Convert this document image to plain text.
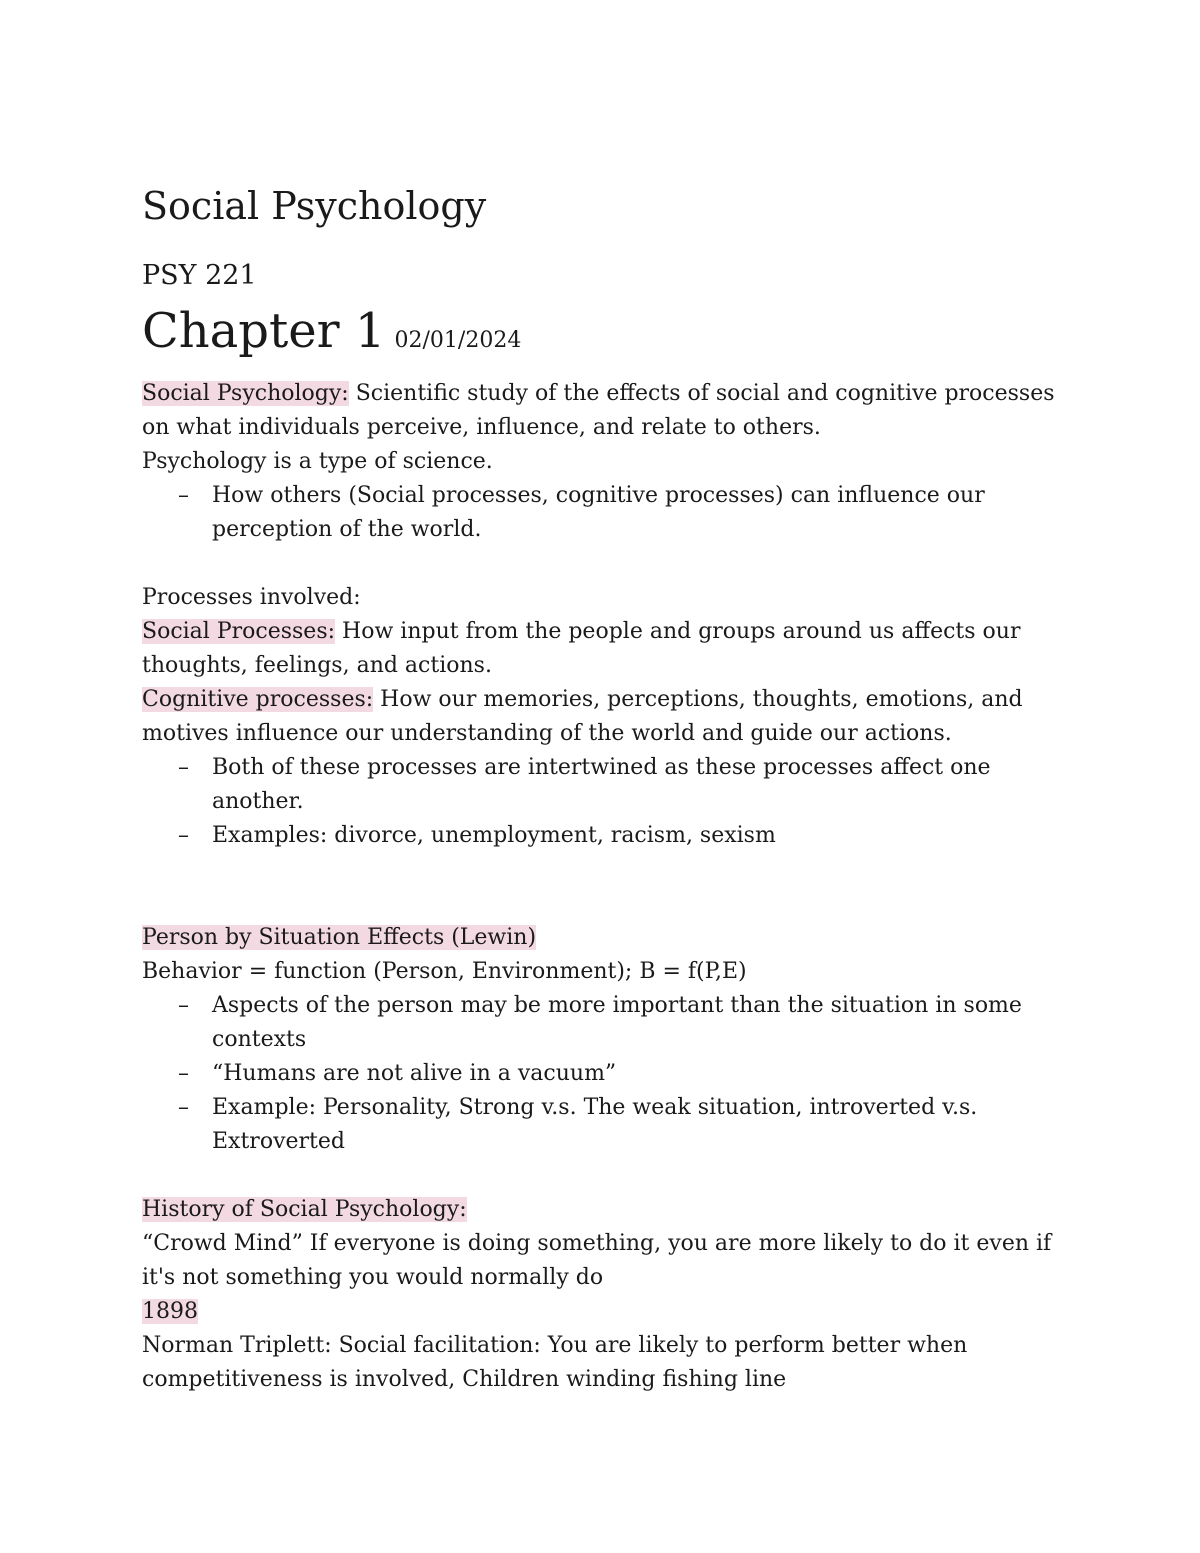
Social Psychology

PSY 221

Chapter 1 02/01/2024

Social Psychology: Scientific study of the effects of social and cognitive processes on what individuals perceive, influence, and relate to others.

Psychology is a type of science.

– How others (Social processes, cognitive processes) can influence our perception of the world.

Processes involved:

Social Processes: How input from the people and groups around us affects our thoughts, feelings, and actions.

Cognitive processes: How our memories, perceptions, thoughts, emotions, and motives influence our understanding of the world and guide our actions.

– Both of these processes are intertwined as these processes affect one another.
– Examples: divorce, unemployment, racism, sexism

Person by Situation Effects (Lewin)

Behavior = function (Person, Environment); B = f(P,E)

– Aspects of the person may be more important than the situation in some contexts
– “Humans are not alive in a vacuum”
– Example: Personality, Strong v.s. The weak situation, introverted v.s. Extroverted

History of Social Psychology:

“Crowd Mind” If everyone is doing something, you are more likely to do it even if it's not something you would normally do

1898

Norman Triplett: Social facilitation: You are likely to perform better when competitiveness is involved, Children winding fishing line
